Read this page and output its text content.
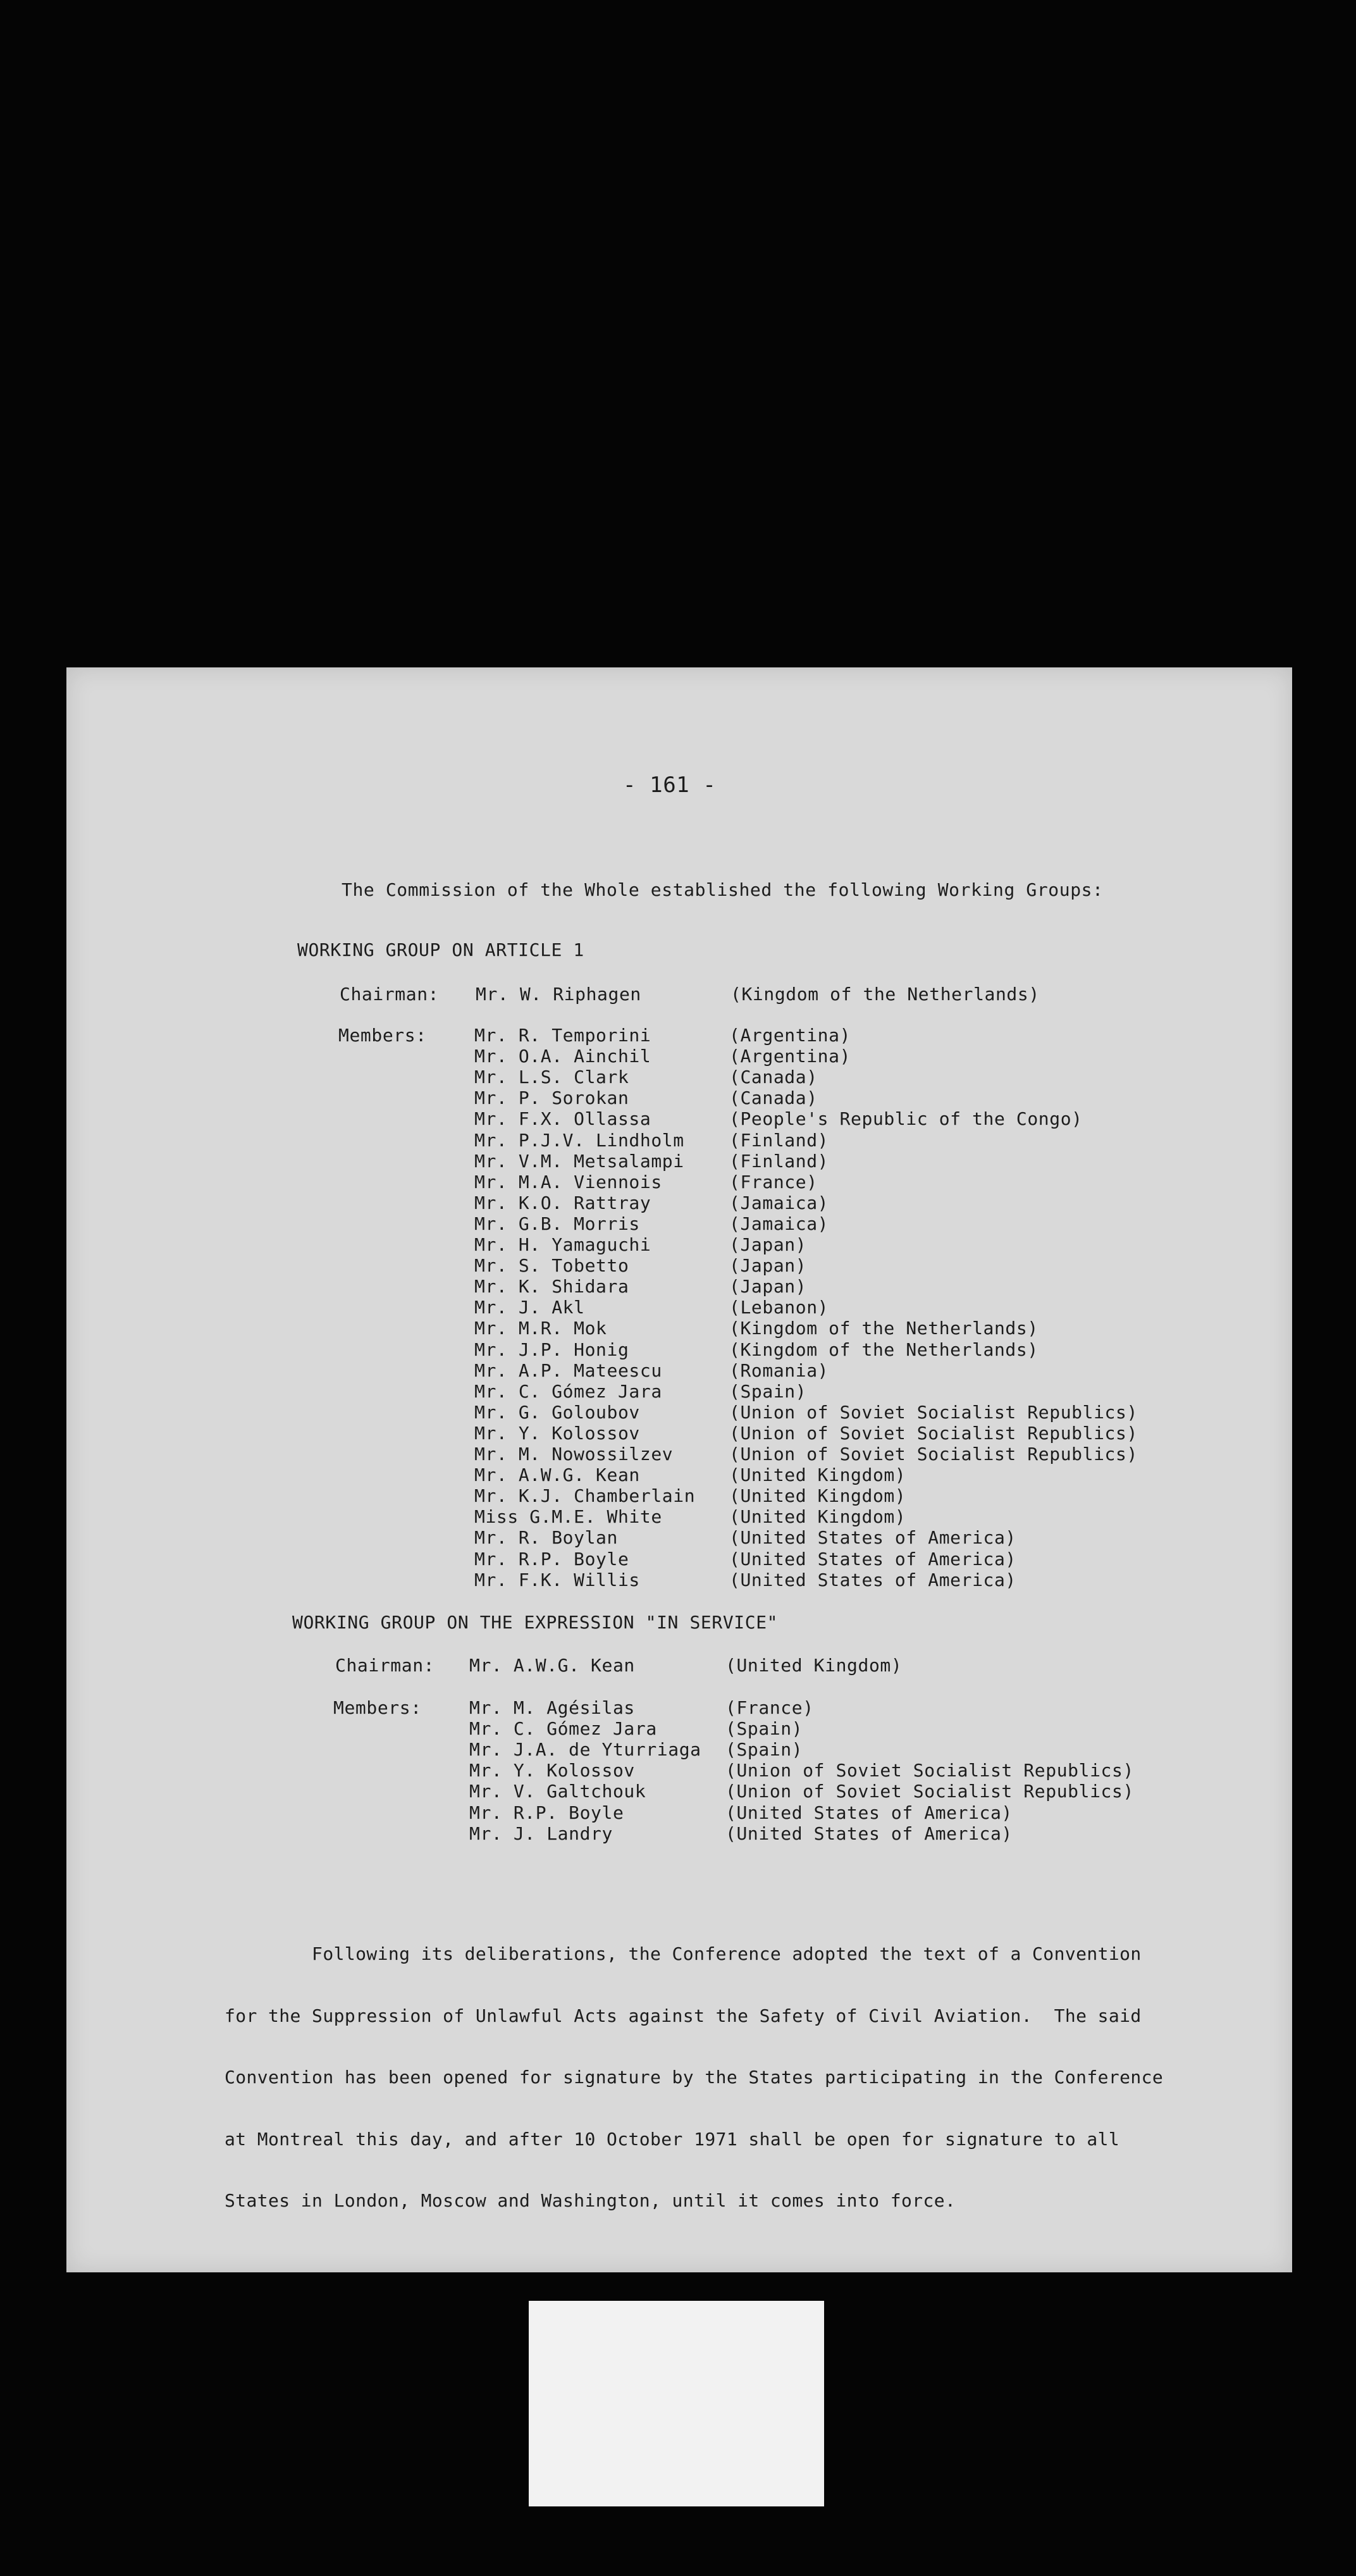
- 161 -
The Commission of the Whole established the following Working Groups:
WORKING GROUP ON ARTICLE 1
Chairman: Mr. W. Riphagen	(Kingdom of the Netherlands)
Members:	Mr. R. Temporini	(Argentina)
Mr. O.A. Ainchil	(Argentina)
Mr. L.S. Clark	(Canada)
Mr. P. Sorokan	(Canada)
Mr. F.X. Ollassa	(People's Republic of the Congo)
Mr. P.J.V. Lindholm	(Finland)
Mr. V.M. Metsalampi	(Finland)
Mr. M.A. Viennois	(France)
Mr. K.O. Rattray	(Jamaica)
Mr. G.B. Morris	(Jamaica)
Mr. H. Yamaguchi	(Japan)
Mr. S. Tobetto	(Japan)
Mr. K. Shidara	(Japan)
Mr. J. Akl	(Lebanon)
Mr. M.R. Mok	(Kingdom of the Netherlands)
Mr. J.P. Honig	(Kingdom of the Netherlands)
Mr. A.P. Mateescu	(Romania)
Mr. C. Gómez Jara	(Spain)
Mr. G. Goloubov	(Union of Soviet Socialist Republics)
Mr. Y. Kolossov	(Union of Soviet Socialist Republics)
Mr. M. Nowossilzev	(Union of Soviet Socialist Republics)
Mr. A.W.G. Kean	(United Kingdom)
Mr. K.J. Chamberlain (United Kingdom)
Miss G.M.E. White	(United Kingdom)
Mr. R. Boylan	(United States of America)
Mr. R.P. Boyle	(United States of America)
Mr. F.K. Willis	(United States of America)
WORKING GROUP ON THE EXPRESSION "IN SERVICE"
Chairman: Mr. A.W.G. Kean	(United Kingdom)
Members:	Mr. M. Agésilas	(France)
Mr. C. Gómez Jara	(Spain)
Mr. J.A. de Yturriaga (Spain)
Mr. Y. Kolossov	(Union of Soviet Socialist Republics)
Mr. V. Galtchouk	(Union of Soviet Socialist Republics)
Mr. R.P. Boyle	(United States of America)
Mr. J. Landry	(United States of America)

Following its deliberations, the Conference adopted the text of a Convention

for the Suppression of Unlawful Acts against the Safety of Civil Aviation.  The said

Convention has been opened for signature by the States participating in the Conference

at Montreal this day, and after 10 October 1971 shall be open for signature to all

States in London, Moscow and Washington, until it comes into force.
